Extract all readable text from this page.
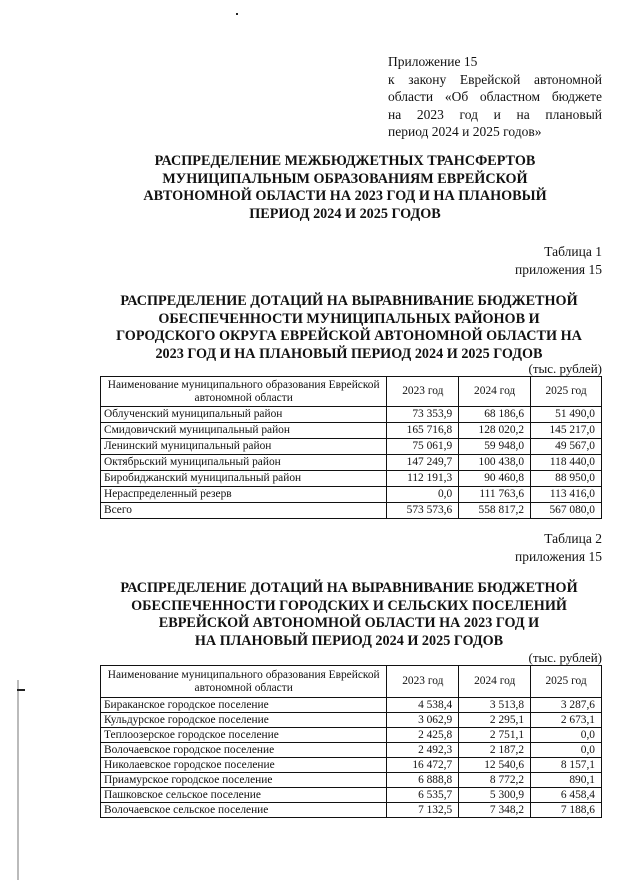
Приложение 15
к закону Еврейской автономной
области «Об областном бюджете
на 2023 год и на плановый
период 2024 и 2025 годов»
РАСПРЕДЕЛЕНИЕ МЕЖБЮДЖЕТНЫХ ТРАНСФЕРТОВ
МУНИЦИПАЛЬНЫМ ОБРАЗОВАНИЯМ ЕВРЕЙСКОЙ
АВТОНОМНОЙ ОБЛАСТИ НА 2023 ГОД И НА ПЛАНОВЫЙ
ПЕРИОД 2024 И 2025 ГОДОВ
Таблица 1
приложения 15
РАСПРЕДЕЛЕНИЕ ДОТАЦИЙ НА ВЫРАВНИВАНИЕ БЮДЖЕТНОЙ
ОБЕСПЕЧЕННОСТИ МУНИЦИПАЛЬНЫХ РАЙОНОВ И
ГОРОДСКОГО ОКРУГА ЕВРЕЙСКОЙ АВТОНОМНОЙ ОБЛАСТИ НА
2023 ГОД И НА ПЛАНОВЫЙ ПЕРИОД 2024 И 2025 ГОДОВ
(тыс. рублей)
Наименование муниципального образования Еврейской автономной области	2023 год	2024 год	2025 год
Облученский муниципальный район	73 353,9	68 186,6	51 490,0
Смидовичский муниципальный район	165 716,8	128 020,2	145 217,0
Ленинский муниципальный район	75 061,9	59 948,0	49 567,0
Октябрьский муниципальный район	147 249,7	100 438,0	118 440,0
Биробиджанский муниципальный район	112 191,3	90 460,8	88 950,0
Нераспределенный резерв	0,0	111 763,6	113 416,0
Всего	573 573,6	558 817,2	567 080,0
Таблица 2
приложения 15
РАСПРЕДЕЛЕНИЕ ДОТАЦИЙ НА ВЫРАВНИВАНИЕ БЮДЖЕТНОЙ
ОБЕСПЕЧЕННОСТИ ГОРОДСКИХ И СЕЛЬСКИХ ПОСЕЛЕНИЙ
ЕВРЕЙСКОЙ АВТОНОМНОЙ ОБЛАСТИ НА 2023 ГОД И
НА ПЛАНОВЫЙ ПЕРИОД 2024 И 2025 ГОДОВ
(тыс. рублей)
Наименование муниципального образования Еврейской автономной области	2023 год	2024 год	2025 год
Бираканское городское поселение	4 538,4	3 513,8	3 287,6
Кульдурское городское поселение	3 062,9	2 295,1	2 673,1
Теплоозерское городское поселение	2 425,8	2 751,1	0,0
Волочаевское городское поселение	2 492,3	2 187,2	0,0
Николаевское городское поселение	16 472,7	12 540,6	8 157,1
Приамурское городское поселение	6 888,8	8 772,2	890,1
Пашковское сельское поселение	6 535,7	5 300,9	6 458,4
Волочаевское сельское поселение	7 132,5	7 348,2	7 188,6
